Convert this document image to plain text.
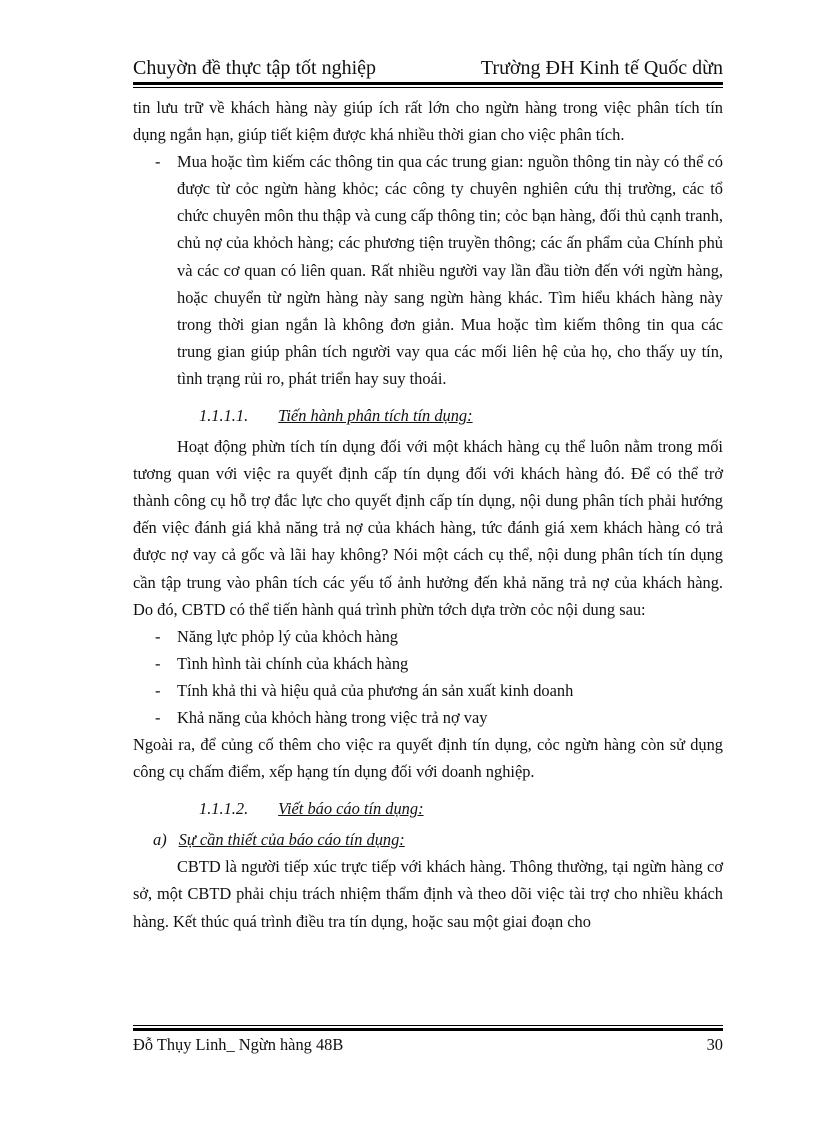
Chuyờn đề thực tập tốt nghiệp	Trường ĐH Kinh tế Quốc dừn

tin lưu trữ về khách hàng này giúp ích rất lớn cho ngừn hàng trong việc phân tích tín dụng ngắn hạn, giúp tiết kiệm được khá nhiều thời gian cho việc phân tích.

-	Mua hoặc tìm kiếm các thông tin qua các trung gian: nguồn thông tin này có thể có được từ cỏc ngừn hàng khỏc; các công ty chuyên nghiên cứu thị trường, các tổ chức chuyên môn thu thập và cung cấp thông tin; cỏc bạn hàng, đối thủ cạnh tranh, chủ nợ của khỏch hàng; các phương tiện truyền thông; các ấn phẩm của Chính phủ và các cơ quan có liên quan. Rất nhiều người vay lần đầu tiờn đến với ngừn hàng, hoặc chuyển từ ngừn hàng này sang ngừn hàng khác. Tìm hiểu khách hàng này trong thời gian ngắn là không đơn giản. Mua hoặc tìm kiếm thông tin qua các trung gian giúp phân tích người vay qua các mối liên hệ của họ, cho thấy uy tín, tình trạng rủi ro, phát triển hay suy thoái.

1.1.1.1. Tiến hành phân tích tín dụng:

Hoạt động phừn tích tín dụng đối với một khách hàng cụ thể luôn nằm trong mối tương quan với việc ra quyết định cấp tín dụng đối với khách hàng đó. Để có thể trở thành công cụ hỗ trợ đắc lực cho quyết định cấp tín dụng, nội dung phân tích phải hướng đến việc đánh giá khả năng trả nợ của khách hàng, tức đánh giá xem khách hàng có trả được nợ vay cả gốc và lãi hay không? Nói một cách cụ thể, nội dung phân tích tín dụng cần tập trung vào phân tích các yếu tố ảnh hưởng đến khả năng trả nợ của khách hàng. Do đó, CBTD có thể tiến hành quá trình phừn tớch dựa trờn cỏc nội dung sau:

-	Năng lực phỏp lý của khỏch hàng
-	Tình hình tài chính của khách hàng
-	Tính khả thi và hiệu quả của phương án sản xuất kinh doanh
-	Khả năng của khỏch hàng trong việc trả nợ vay

Ngoài ra, để củng cố thêm cho việc ra quyết định tín dụng, cỏc ngừn hàng còn sử dụng công cụ chấm điểm, xếp hạng tín dụng đối với doanh nghiệp.

1.1.1.2. Viết báo cáo tín dụng:

a) Sự cần thiết của báo cáo tín dụng:

CBTD là người tiếp xúc trực tiếp với khách hàng. Thông thường, tại ngừn hàng cơ sở, một CBTD phải chịu trách nhiệm thẩm định và theo dõi việc tài trợ cho nhiều khách hàng. Kết thúc quá trình điều tra tín dụng, hoặc sau một giai đoạn cho

Đỗ Thụy Linh_ Ngừn hàng 48B	30
